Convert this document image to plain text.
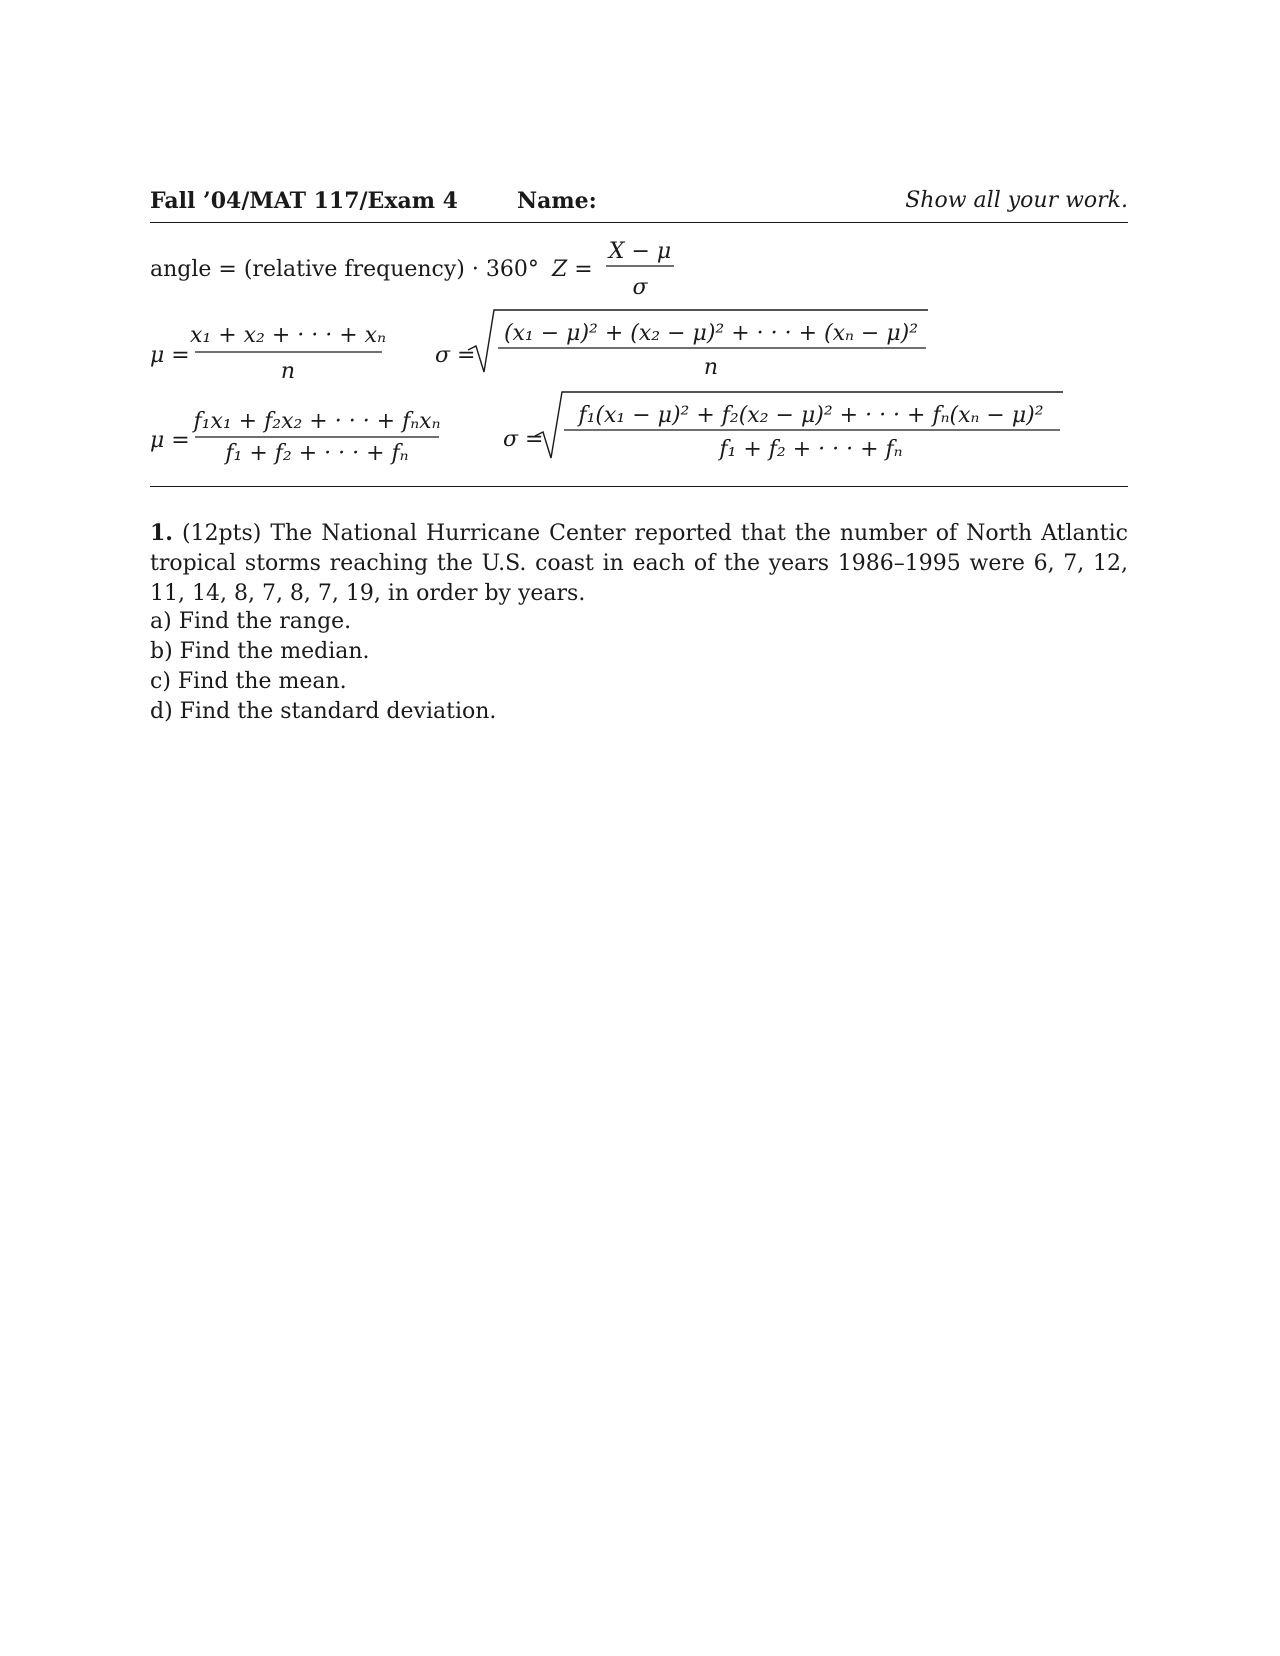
Fall ’04/MAT 117/Exam 4	Name:	Show all your work.
angle = (relative frequency) · 360° Z =
X − μ
σ
μ =
x₁ + x₂ + · · · + xₙ
n
σ =
(x₁ − μ)² + (x₂ − μ)² + · · · + (xₙ − μ)²
n
μ =
f₁x₁ + f₂x₂ + · · · + fₙxₙ
f₁ + f₂ + · · · + fₙ
σ =
f₁(x₁ − μ)² + f₂(x₂ − μ)² + · · · + fₙ(xₙ − μ)²
f₁ + f₂ + · · · + fₙ
1. (12pts) The National Hurricane Center reported that the number of North Atlantic tropical storms reaching the U.S. coast in each of the years 1986–1995 were 6, 7, 12, 11, 14, 8, 7, 8, 7, 19, in order by years.
a) Find the range.
b) Find the median.
c) Find the mean.
d) Find the standard deviation.
